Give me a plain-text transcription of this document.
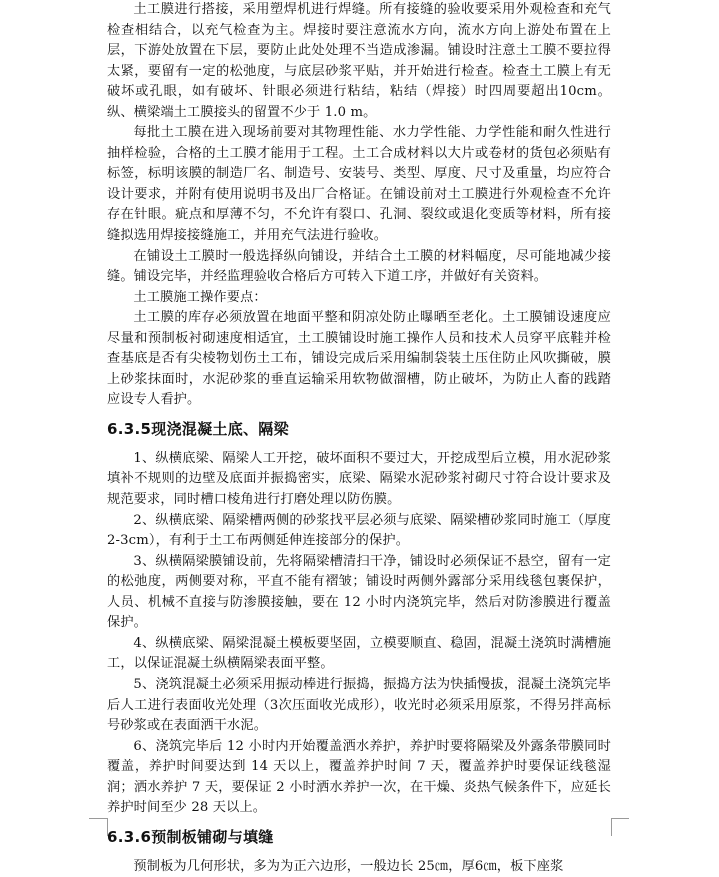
土工膜进行搭接，采用塑焊机进行焊缝。所有接缝的验收要采用外观检查和充气检查相结合，以充气检查为主。焊接时要注意流水方向，流水方向上游处布置在上层，下游处放置在下层，要防止此处处理不当造成渗漏。铺设时注意土工膜不要拉得太紧，要留有一定的松弛度，与底层砂浆平贴，并开始进行检查。检查土工膜上有无破坏或孔眼，如有破坏、针眼必须进行粘结，粘结（焊接）时四周要超出10cm。纵、横梁端土工膜接头的留置不少于 1.0 m。

每批土工膜在进入现场前要对其物理性能、水力学性能、力学性能和耐久性进行抽样检验，合格的土工膜才能用于工程。土工合成材料以大片或卷材的货包必须贴有标签，标明该膜的制造厂名、制造号、安装号、类型、厚度、尺寸及重量，均应符合设计要求，并附有使用说明书及出厂合格证。在铺设前对土工膜进行外观检查不允许存在针眼。疵点和厚薄不匀，不允许有裂口、孔洞、裂纹或退化变质等材料，所有接缝拟选用焊接接缝施工，并用充气法进行验收。

在铺设土工膜时一般选择纵向铺设，并结合土工膜的材料幅度，尽可能地减少接缝。铺设完毕，并经监理验收合格后方可转入下道工序，并做好有关资料。

土工膜施工操作要点：

土工膜的库存必须放置在地面平整和阴凉处防止曝晒至老化。土工膜铺设速度应尽量和预制板衬砌速度相适宜，土工膜铺设时施工操作人员和技术人员穿平底鞋并检查基底是否有尖棱物划伤土工布，铺设完成后采用编制袋装土压住防止风吹撕破，膜上砂浆抹面时，水泥砂浆的垂直运输采用软物做溜槽，防止破坏，为防止人畜的践踏应设专人看护。

6.3.5现浇混凝土底、隔梁

1、纵横底梁、隔梁人工开挖，破坏面积不要过大，开挖成型后立模，用水泥砂浆填补不规则的边壁及底面并振捣密实，底梁、隔梁水泥砂浆衬砌尺寸符合设计要求及规范要求，同时槽口棱角进行打磨处理以防伤膜。

2、纵横底梁、隔梁槽两侧的砂浆找平层必须与底梁、隔梁槽砂浆同时施工（厚度 2-3cm），有利于土工布两侧延伸连接部分的保护。

3、纵横隔梁膜铺设前，先将隔梁槽清扫干净，铺设时必须保证不悬空，留有一定的松弛度，两侧要对称，平直不能有褶皱；铺设时两侧外露部分采用线毯包裹保护，人员、机械不直接与防渗膜接触，要在 12 小时内浇筑完毕，然后对防渗膜进行覆盖保护。

4、纵横底梁、隔梁混凝土模板要坚固，立模要顺直、稳固，混凝土浇筑时满槽施工，以保证混凝土纵横隔梁表面平整。

5、浇筑混凝土必须采用振动棒进行振捣，振捣方法为快插慢拔，混凝土浇筑完毕后人工进行表面收光处理（3次压面收光成形），收光时必须采用原浆，不得另拌高标号砂浆或在表面洒干水泥。

6、浇筑完毕后 12 小时内开始覆盖洒水养护，养护时要将隔梁及外露条带膜同时覆盖，养护时间要达到 14 天以上，覆盖养护时间 7 天，覆盖养护时要保证线毯湿润；洒水养护 7 天，要保证 2 小时洒水养护一次，在干燥、炎热气候条件下，应延长养护时间至少 28 天以上。

6.3.6预制板铺砌与填缝

预制板为几何形状，多为为正六边形，一般边长 25㎝，厚6㎝，板下座浆
